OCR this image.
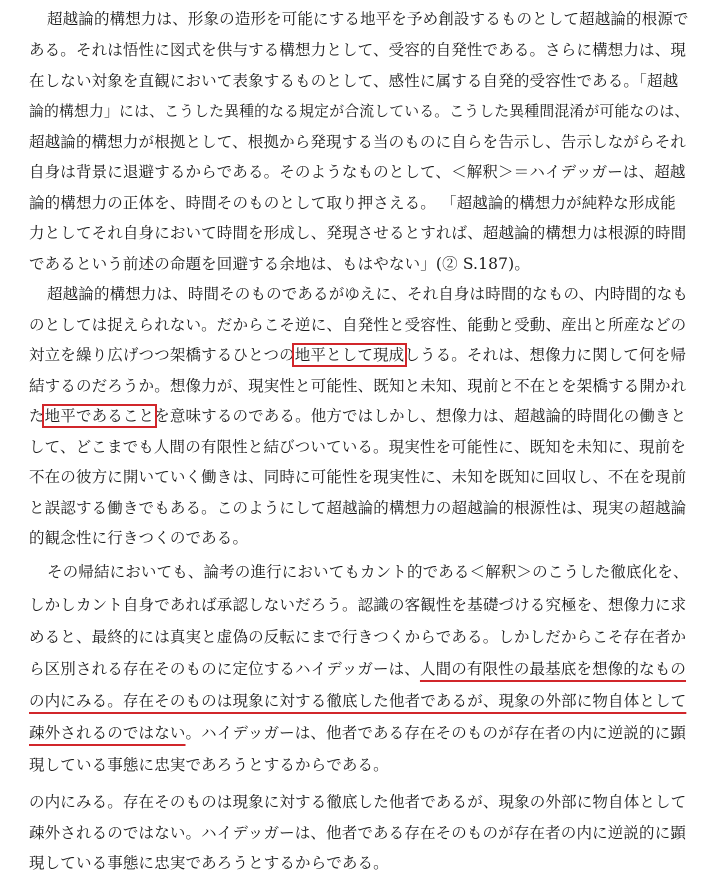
超越論的構想力は、形象の造形を可能にする地平を予め創設するものとして超越論的根源で
ある。それは悟性に図式を供与する構想力として、受容的自発性である。さらに構想力は、現
在しない対象を直観において表象するものとして、感性に属する自発的受容性である。「超越
論的構想力」には、こうした異種的なる規定が合流している。こうした異種間混淆が可能なのは、
超越論的構想力が根拠として、根拠から発現する当のものに自らを告示し、告示しながらそれ
自身は背景に退避するからである。そのようなものとして、＜解釈＞＝ハイデッガーは、超越
論的構想力の正体を、時間そのものとして取り押さえる。 「超越論的構想力が純粋な形成能
力としてそれ自身において時間を形成し、発現させるとすれば、超越論的構想力は根源的時間
であるという前述の命題を回避する余地は、もはやない」(② S.187)。
超越論的構想力は、時間そのものであるがゆえに、それ自身は時間的なもの、内時間的なも
のとしては捉えられない。だからこそ逆に、自発性と受容性、能動と受動、産出と所産などの
対立を繰り広げつつ架橋するひとつの地平として現成しうる。それは、想像力に関して何を帰
結するのだろうか。想像力が、現実性と可能性、既知と未知、現前と不在とを架橋する開かれ
た地平であることを意味するのである。他方ではしかし、想像力は、超越論的時間化の働きと
して、どこまでも人間の有限性と結びついている。現実性を可能性に、既知を未知に、現前を
不在の彼方に開いていく働きは、同時に可能性を現実性に、未知を既知に回収し、不在を現前
と誤認する働きでもある。このようにして超越論的構想力の超越論的根源性は、現実の超越論
的観念性に行きつくのである。
その帰結においても、論考の進行においてもカント的である＜解釈＞のこうした徹底化を、
しかしカント自身であれば承認しないだろう。認識の客観性を基礎づける究極を、想像力に求
めると、最終的には真実と虚偽の反転にまで行きつくからである。しかしだからこそ存在者か
ら区別される存在そのものに定位するハイデッガーは、人間の有限性の最基底を想像的なもの
の内にみる。存在そのものは現象に対する徹底した他者であるが、現象の外部に物自体として
疎外されるのではない。ハイデッガーは、他者である存在そのものが存在者の内に逆説的に顕
現している事態に忠実であろうとするからである。
の内にみる。存在そのものは現象に対する徹底した他者であるが、現象の外部に物自体として
疎外されるのではない。ハイデッガーは、他者である存在そのものが存在者の内に逆説的に顕
現している事態に忠実であろうとするからである。
